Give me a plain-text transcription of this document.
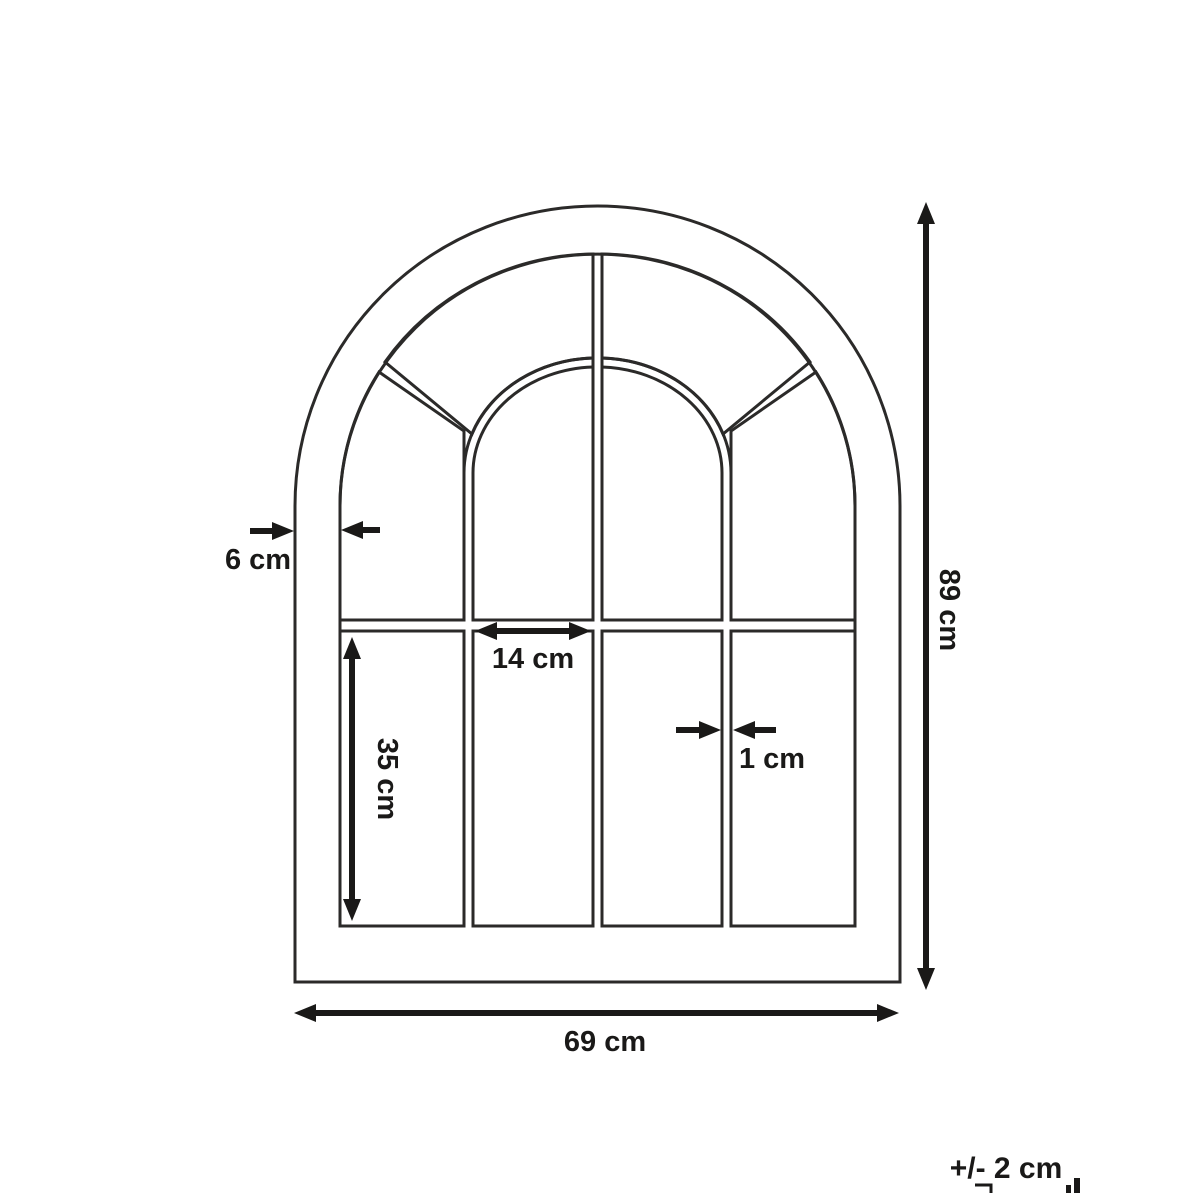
6 cm
14 cm
35 cm	1 cm
89 cm
69 cm
+/- 2 cm
